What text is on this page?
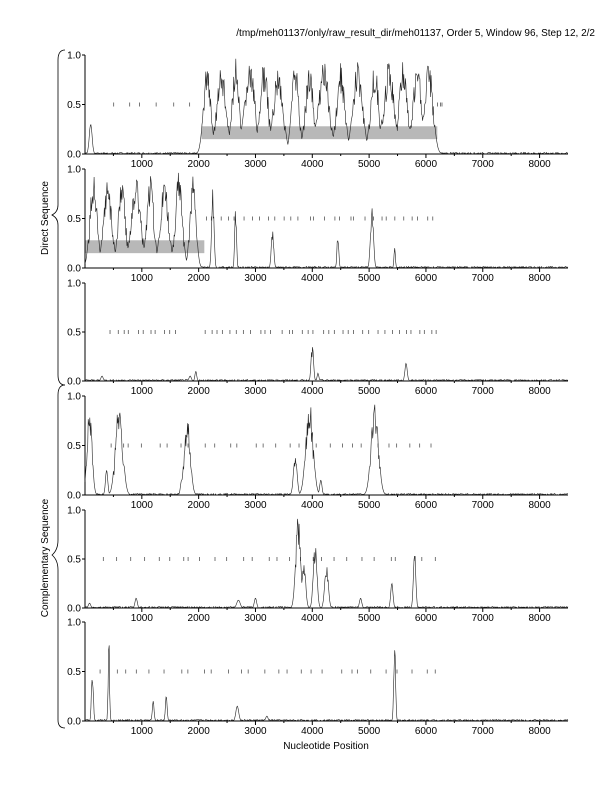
/tmp/meh01137/only/raw_result_dir/meh01137, Order 5, Window 96, Step 12, 2/2
Direct Sequence
Complementary Sequence
0.0
0.5
1.0
1000	2000	3000	4000	5000	6000	7000	8000
0.0
0.5
1.0
1000	2000	3000	4000	5000	6000	7000	8000
0.0
0.5
1.0
1000	2000	3000	4000	5000	6000	7000	8000
0.0
0.5
1.0
1000	2000	3000	4000	5000	6000	7000	8000
0.0
0.5
1.0
1000	2000	3000	4000	5000	6000	7000	8000
0.0
0.5
1.0
1000	2000	3000	4000	5000	6000	7000	8000
Nucleotide Position
